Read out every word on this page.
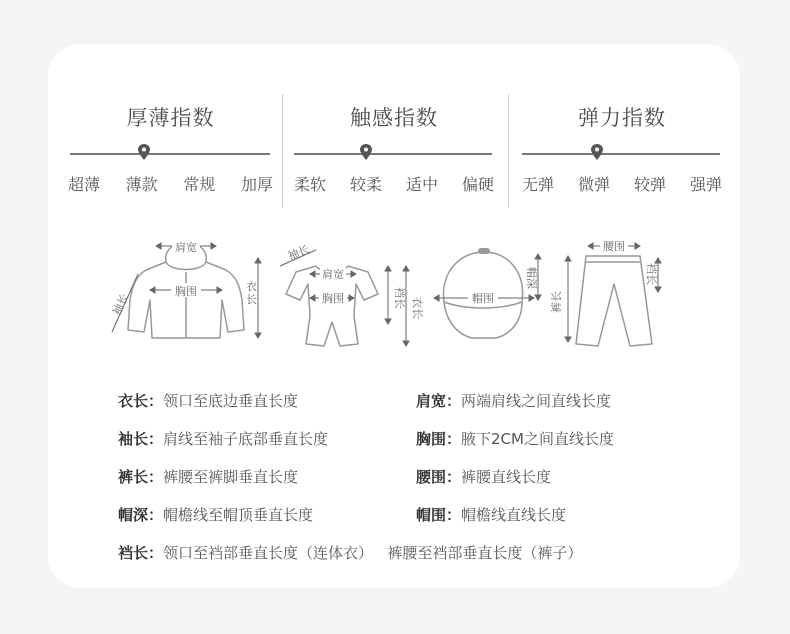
厚薄指数
超薄 薄款 常规 加厚
触感指数
柔软 较柔 适中 偏硬
弹力指数
无弹 微弹 较弹 强弹
肩宽
胸围
袖长
衣长
袖长
肩宽
胸围	裆长 衣长	帽围
帽深
腰围
裤长
裆长
衣长：领口至底边垂直长度	肩宽：两端肩线之间直线长度
袖长：肩线至袖子底部垂直长度	胸围：腋下2CM之间直线长度
裤长：裤腰至裤脚垂直长度	腰围：裤腰直线长度
帽深：帽檐线至帽顶垂直长度	帽围：帽檐线直线长度
裆长：领口至裆部垂直长度（连体衣）   裤腰至裆部垂直长度（裤子）
